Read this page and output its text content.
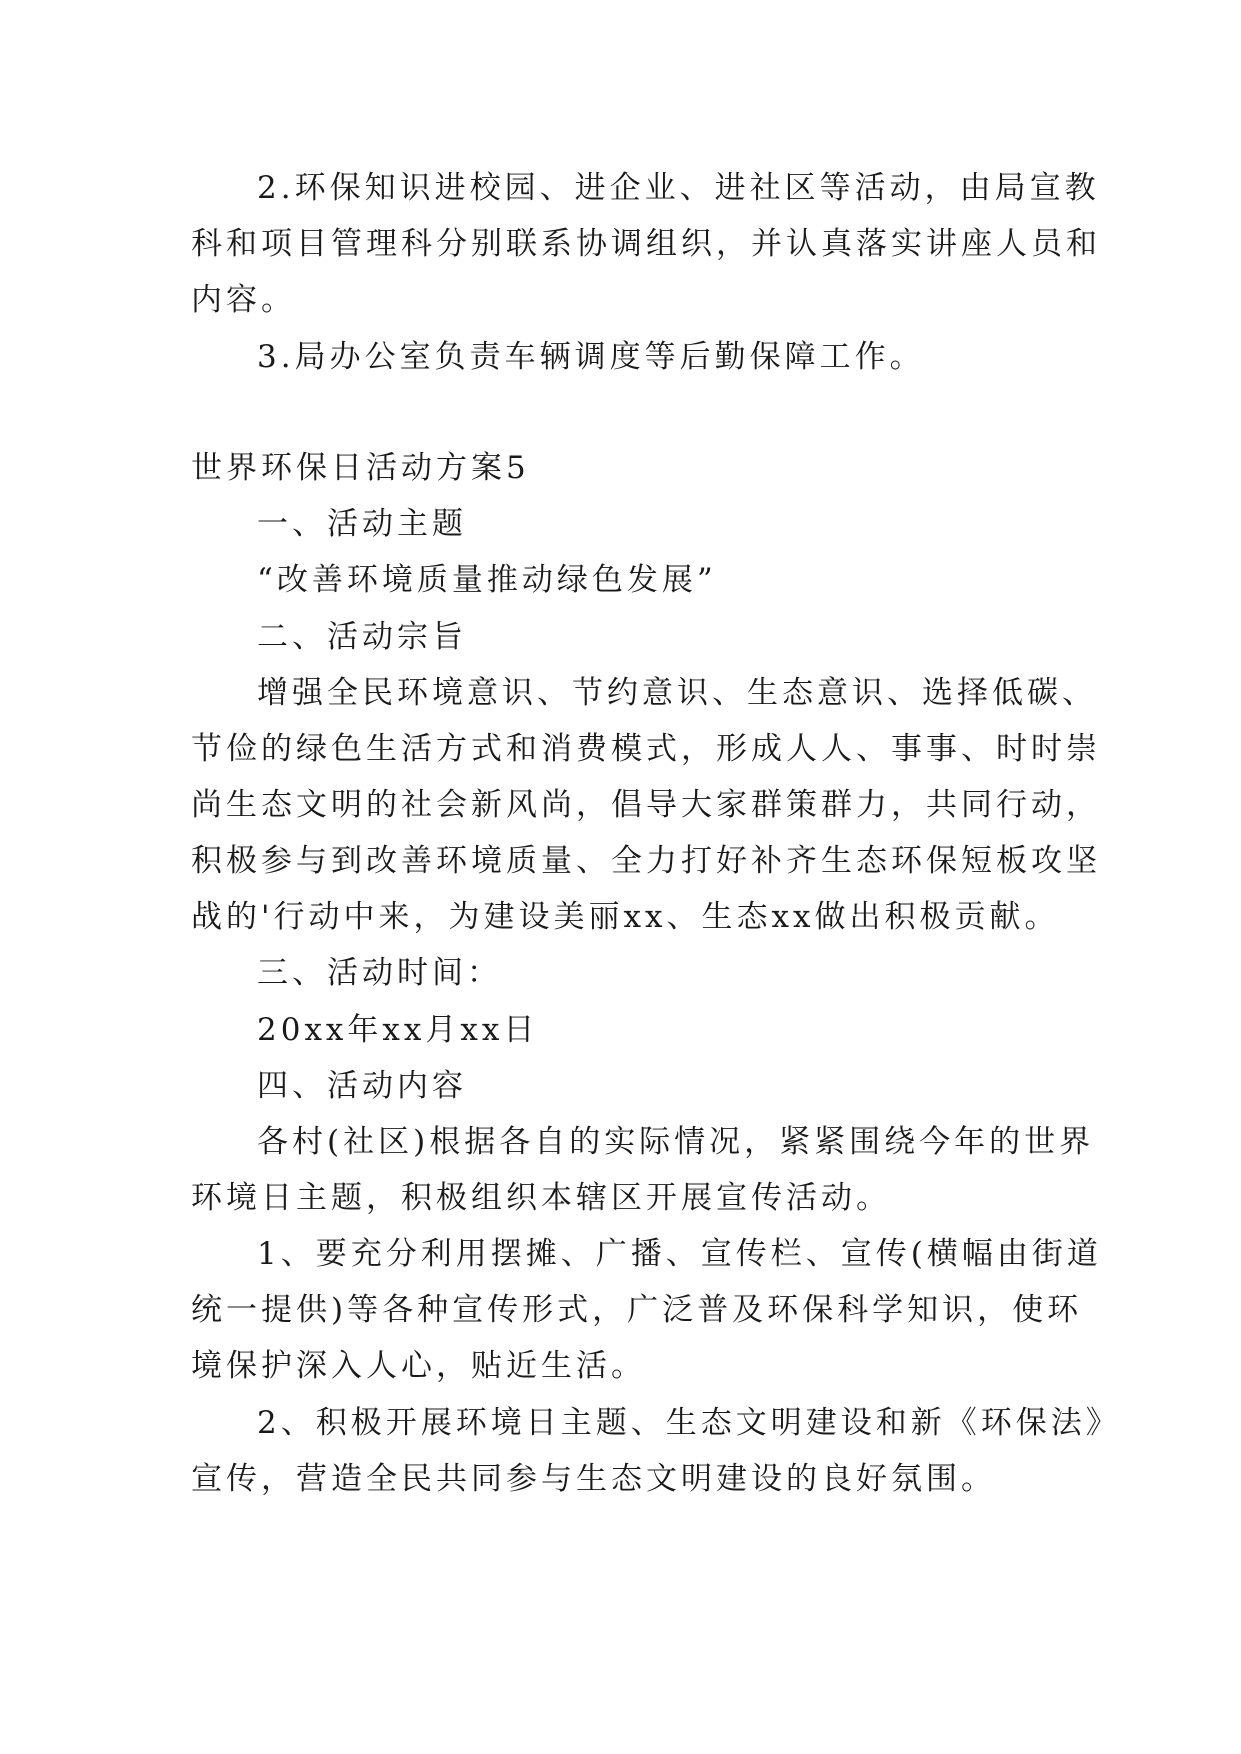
2.环保知识进校园、进企业、进社区等活动，由局宣教
科和项目管理科分别联系协调组织，并认真落实讲座人员和
内容。
3.局办公室负责车辆调度等后勤保障工作。
世界环保日活动方案5
一、活动主题
“改善环境质量推动绿色发展”
二、活动宗旨
增强全民环境意识、节约意识、生态意识、选择低碳、
节俭的绿色生活方式和消费模式，形成人人、事事、时时崇
尚生态文明的社会新风尚，倡导大家群策群力，共同行动，
积极参与到改善环境质量、全力打好补齐生态环保短板攻坚
战的'行动中来，为建设美丽xx、生态xx做出积极贡献。
三、活动时间：
20xx年xx月xx日
四、活动内容
各村(社区)根据各自的实际情况，紧紧围绕今年的世界
环境日主题，积极组织本辖区开展宣传活动。
1、要充分利用摆摊、广播、宣传栏、宣传(横幅由街道
统一提供)等各种宣传形式，广泛普及环保科学知识，使环
境保护深入人心，贴近生活。
2、积极开展环境日主题、生态文明建设和新《环保法》
宣传，营造全民共同参与生态文明建设的良好氛围。
